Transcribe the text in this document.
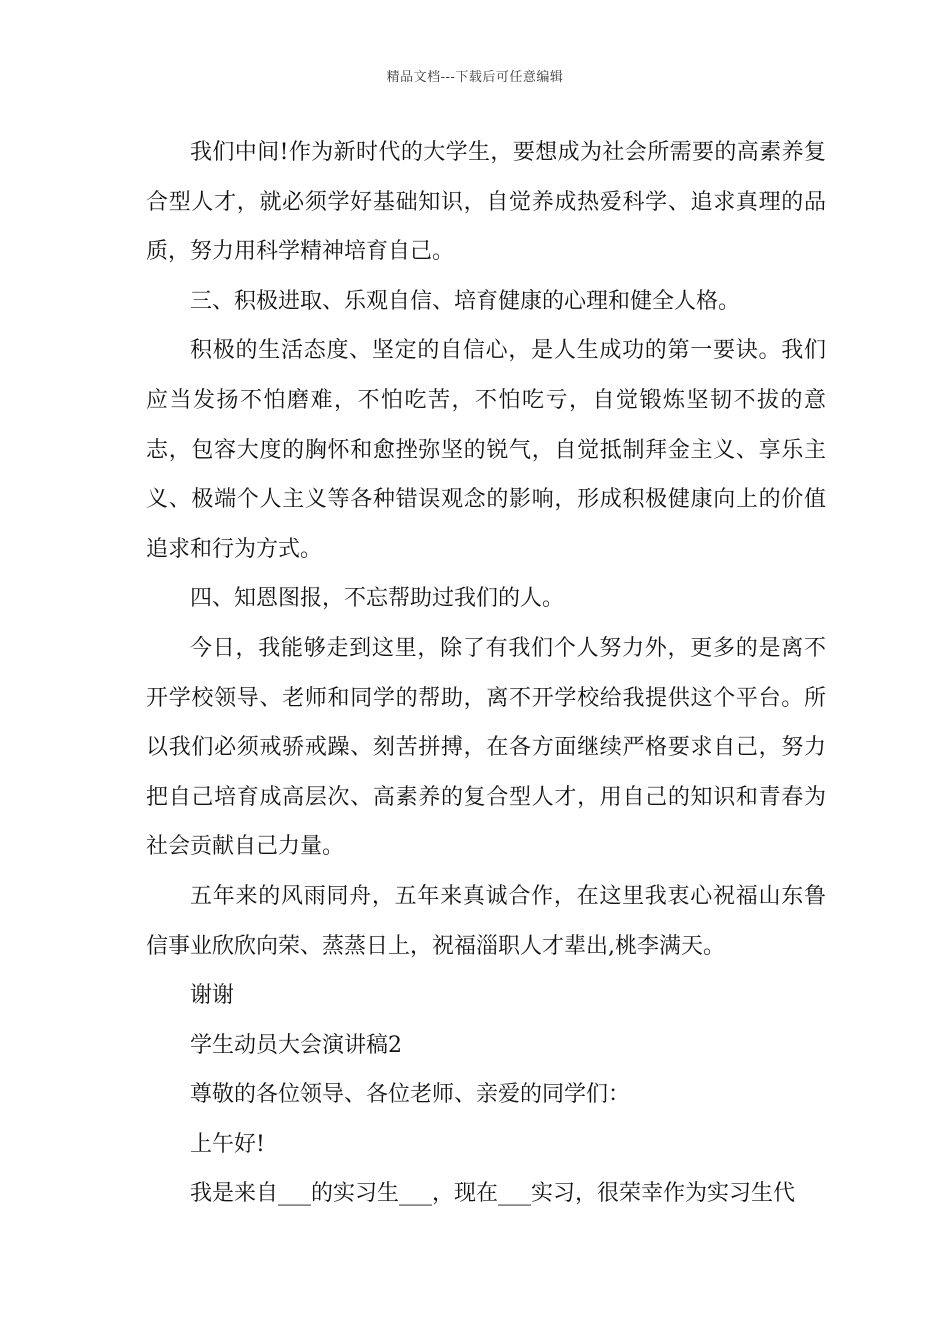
精品文档---下载后可任意编辑

我们中间!作为新时代的大学生，要想成为社会所需要的高素养复合型人才，就必须学好基础知识，自觉养成热爱科学、追求真理的品质，努力用科学精神培育自己。

三、积极进取、乐观自信、培育健康的心理和健全人格。

积极的生活态度、坚定的自信心，是人生成功的第一要诀。我们应当发扬不怕磨难，不怕吃苦，不怕吃亏，自觉锻炼坚韧不拔的意志，包容大度的胸怀和愈挫弥坚的锐气，自觉抵制拜金主义、享乐主义、极端个人主义等各种错误观念的影响，形成积极健康向上的价值追求和行为方式。

四、知恩图报，不忘帮助过我们的人。

今日，我能够走到这里，除了有我们个人努力外，更多的是离不开学校领导、老师和同学的帮助，离不开学校给我提供这个平台。所以我们必须戒骄戒躁、刻苦拼搏，在各方面继续严格要求自己，努力把自己培育成高层次、高素养的复合型人才，用自己的知识和青春为社会贡献自己力量。

五年来的风雨同舟，五年来真诚合作，在这里我衷心祝福山东鲁信事业欣欣向荣、蒸蒸日上，祝福淄职人才辈出,桃李满天。

谢谢

学生动员大会演讲稿2

尊敬的各位领导、各位老师、亲爱的同学们：

上午好!

我是来自___的实习生___，现在___实习，很荣幸作为实习生代
